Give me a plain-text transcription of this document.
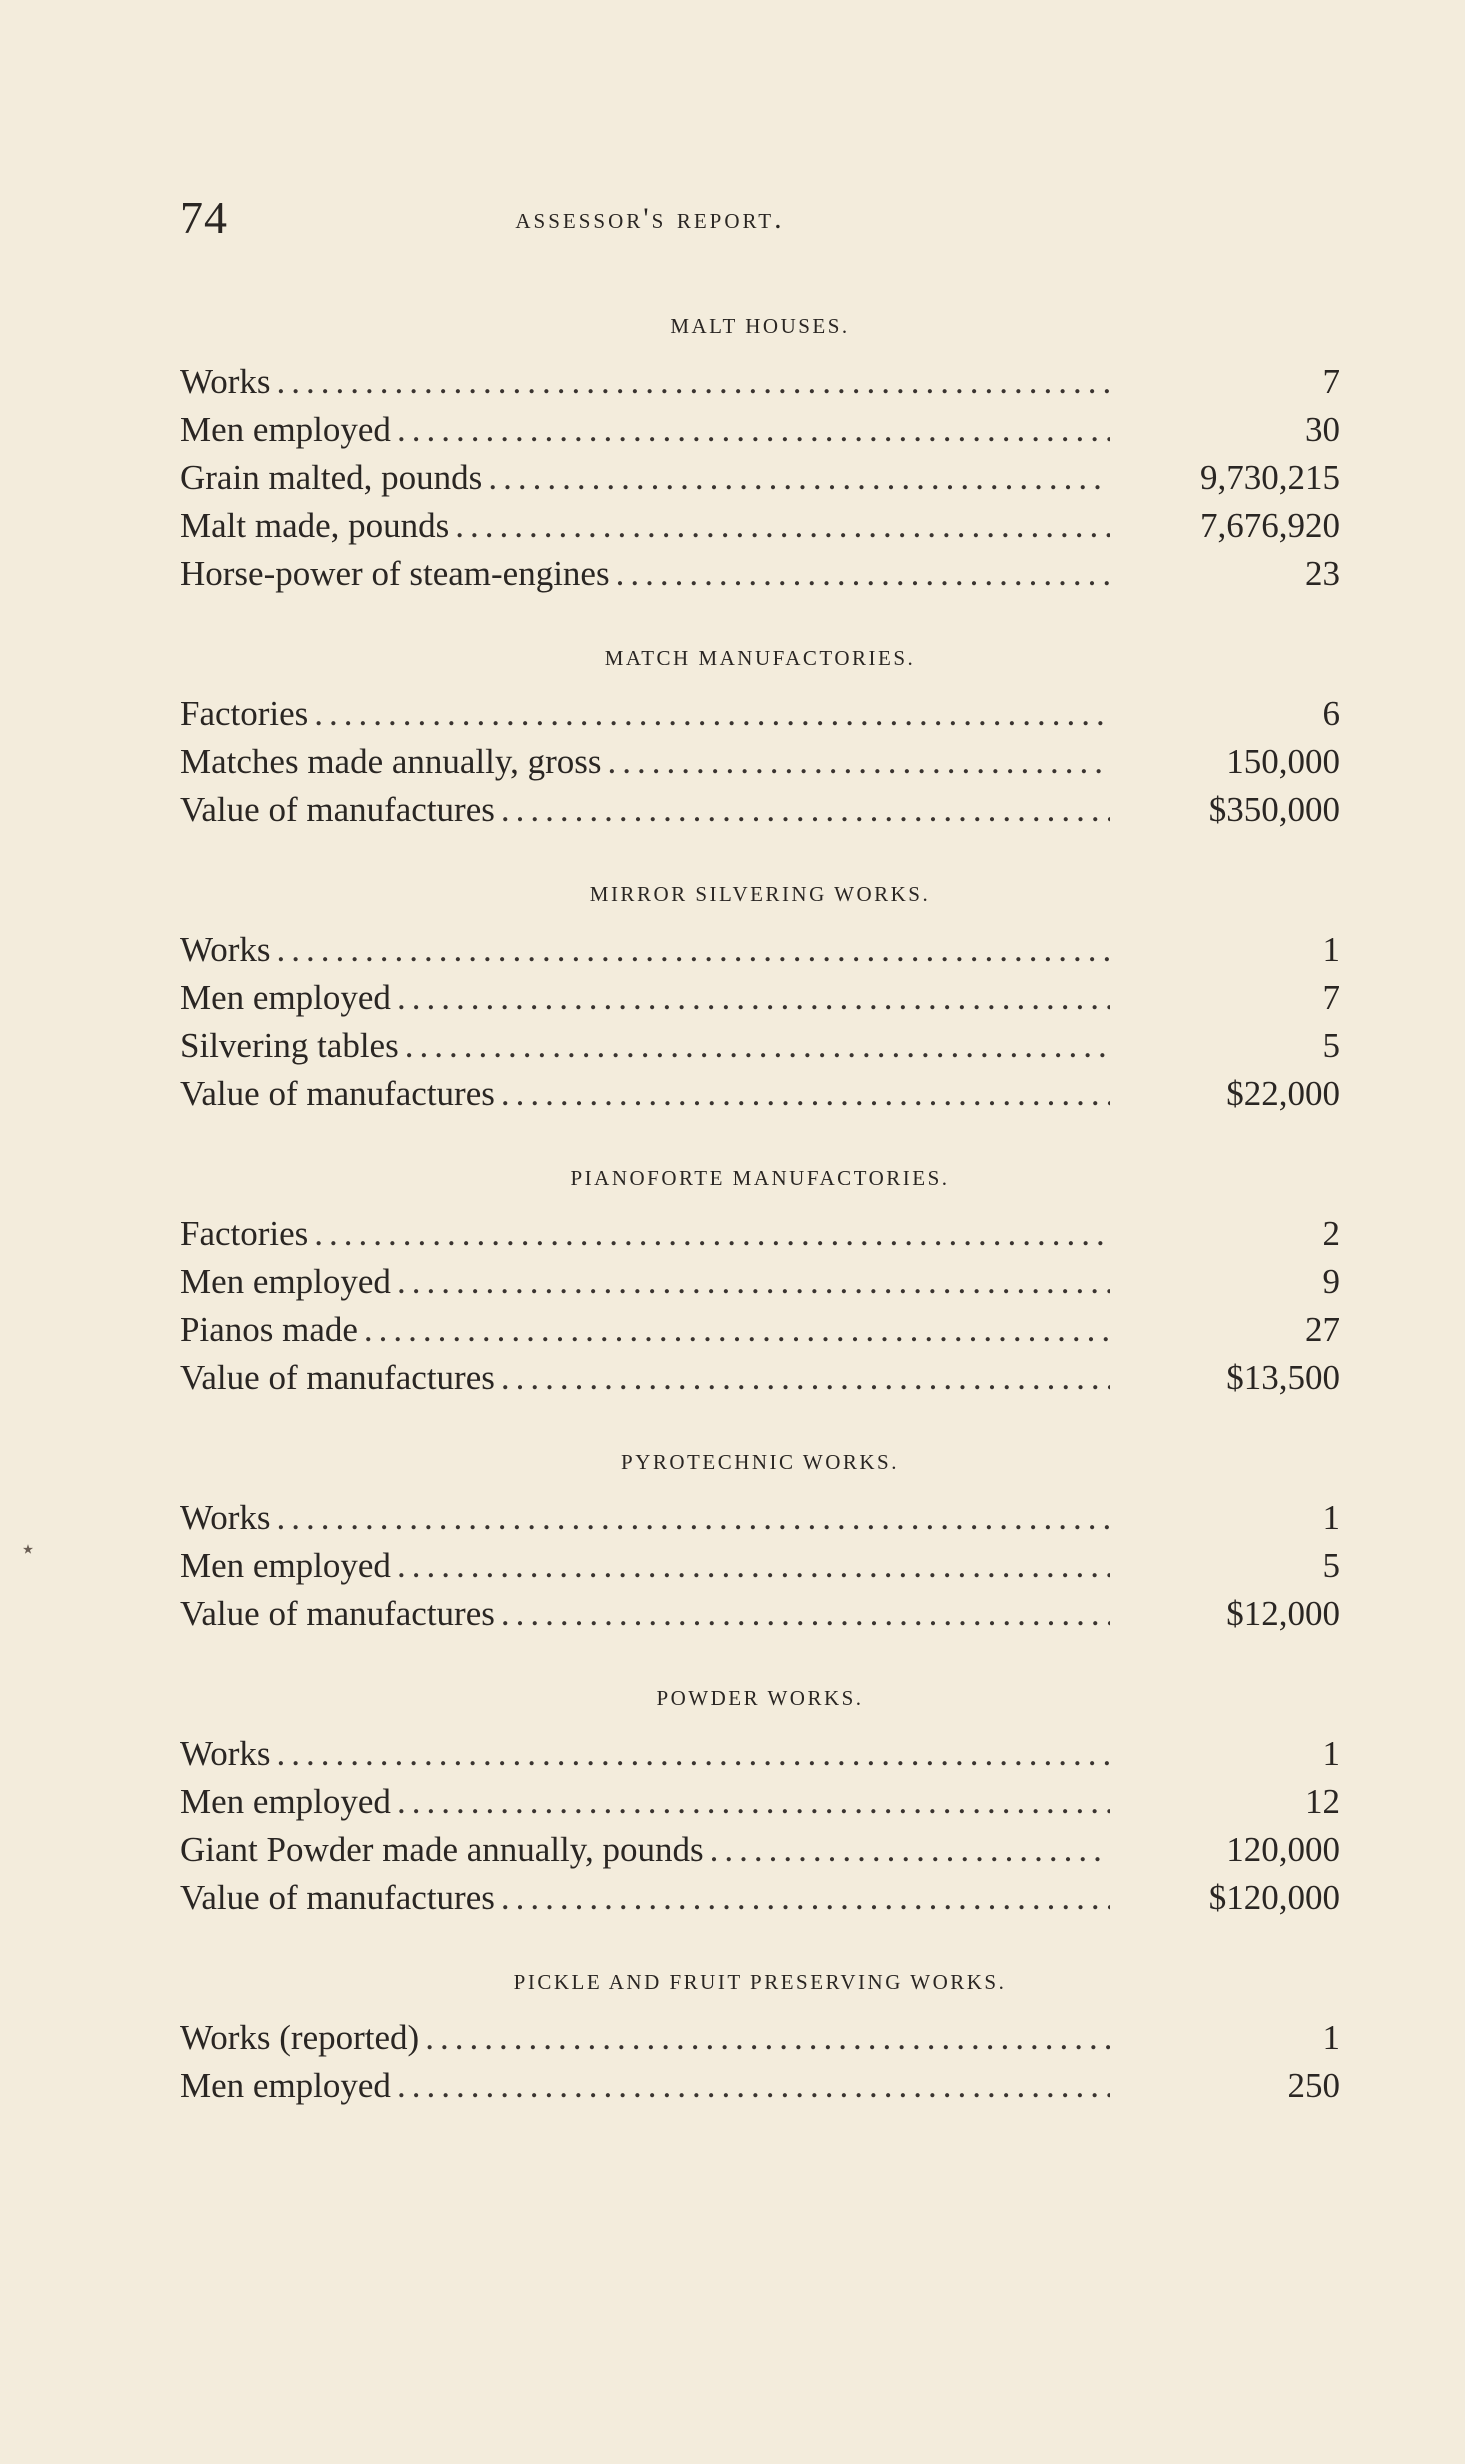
74	assessor's report.
MALT HOUSES.
Works .....	7
Men employed .....	30
Grain malted, pounds .....	9,730,215
Malt made, pounds .....	7,676,920
Horse-power of steam-engines .....	23
MATCH MANUFACTORIES.
Factories .....	6
Matches made annually, gross .....	150,000
Value of manufactures .....	$350,000
MIRROR SILVERING WORKS.
Works .....	1
Men employed .....	7
Silvering tables .....	5
Value of manufactures .....	$22,000
PIANOFORTE MANUFACTORIES.
Factories .....	2
Men employed .....	9
Pianos made .....	27
Value of manufactures .....	$13,500
PYROTECHNIC WORKS.
Works .....	1
Men employed .....	5
Value of manufactures .....	$12,000
POWDER WORKS.
Works .....	1
Men employed .....	12
Giant Powder made annually, pounds .....	120,000
Value of manufactures .....	$120,000
PICKLE AND FRUIT PRESERVING WORKS.
Works (reported) .....	1
Men employed .....	250
٭
